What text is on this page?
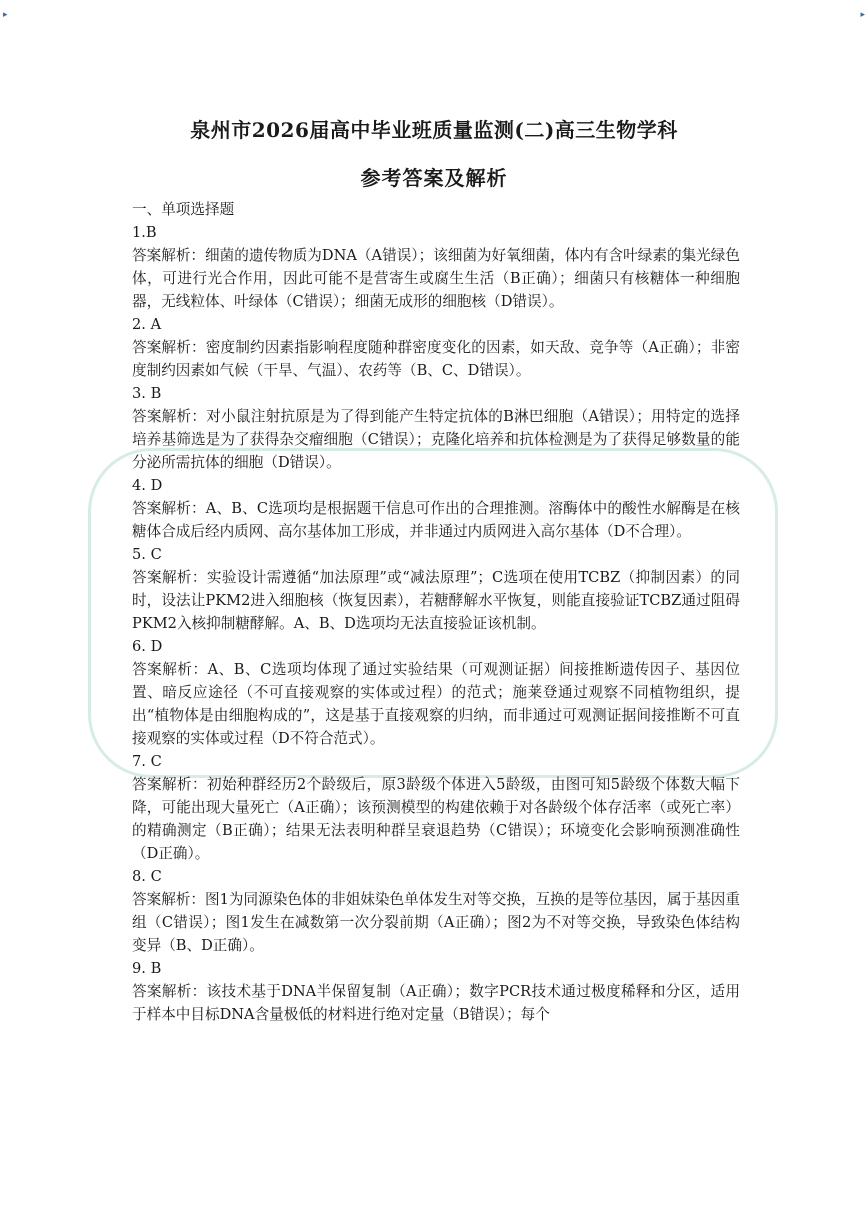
▸	▸
泉州市2026届高中毕业班质量监测(二)高三生物学科
参考答案及解析

一、单项选择题

1.B

答案解析：细菌的遗传物质为DNA（A错误）；该细菌为好氧细菌，体内有含叶绿素的集光绿色体，可进行光合作用，因此可能不是营寄生或腐生生活（B正确）；细菌只有核糖体一种细胞器，无线粒体、叶绿体（C错误）；细菌无成形的细胞核（D错误）。

2. A

答案解析：密度制约因素指影响程度随种群密度变化的因素，如天敌、竞争等（A正确）；非密度制约因素如气候（干旱、气温）、农药等（B、C、D错误）。

3. B

答案解析：对小鼠注射抗原是为了得到能产生特定抗体的B淋巴细胞（A错误）；用特定的选择培养基筛选是为了获得杂交瘤细胞（C错误）；克隆化培养和抗体检测是为了获得足够数量的能分泌所需抗体的细胞（D错误）。

4. D

答案解析：A、B、C选项均是根据题干信息可作出的合理推测。溶酶体中的酸性水解酶是在核糖体合成后经内质网、高尔基体加工形成，并非通过内质网进入高尔基体（D不合理）。

5. C

答案解析：实验设计需遵循“加法原理”或“减法原理”；C选项在使用TCBZ（抑制因素）的同时，设法让PKM2进入细胞核（恢复因素），若糖酵解水平恢复，则能直接验证TCBZ通过阻碍PKM2入核抑制糖酵解。A、B、D选项均无法直接验证该机制。

6. D

答案解析：A、B、C选项均体现了通过实验结果（可观测证据）间接推断遗传因子、基因位置、暗反应途径（不可直接观察的实体或过程）的范式；施莱登通过观察不同植物组织，提出“植物体是由细胞构成的”，这是基于直接观察的归纳，而非通过可观测证据间接推断不可直接观察的实体或过程（D不符合范式）。

7. C

答案解析：初始种群经历2个龄级后，原3龄级个体进入5龄级，由图可知5龄级个体数大幅下降，可能出现大量死亡（A正确）；该预测模型的构建依赖于对各龄级个体存活率（或死亡率）的精确测定（B正确）；结果无法表明种群呈衰退趋势（C错误）；环境变化会影响预测准确性（D正确）。

8. C

答案解析：图1为同源染色体的非姐妹染色单体发生对等交换，互换的是等位基因，属于基因重组（C错误）；图1发生在减数第一次分裂前期（A正确）；图2为不对等交换，导致染色体结构变异（B、D正确）。

9. B

答案解析：该技术基于DNA半保留复制（A正确）；数字PCR技术通过极度稀释和分区，适用于样本中目标DNA含量极低的材料进行绝对定量（B错误）；每个
